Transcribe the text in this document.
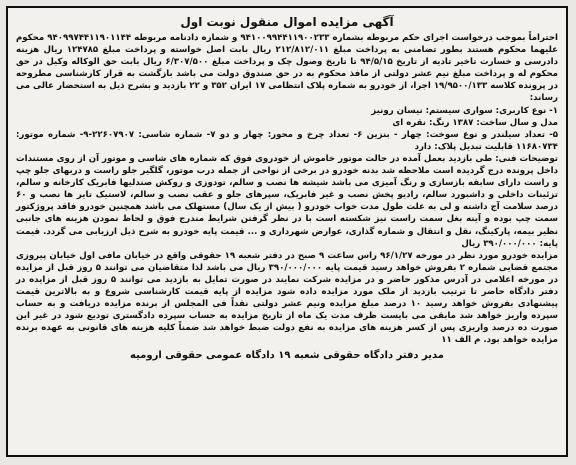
آگهی مزایده اموال منقول نوبت اول

احتراماً بموجب درخواست اجرای حکم مربوطه بشماره ۹۴۱۰۰۹۹۴۴۱۱۹۰۰۲۳۳ و شماره دادنامه مربوطه ۹۴۰۹۹۷۴۴۱۱۹۰۱۱۴۴ محکوم علیهما محکوم هستند بطور تضامنی به پرداخت مبلغ ۲۱۲/۸۱۲/۰۱۱ ریال بابت اصل خواسته و پرداخت مبلغ ۱۲۴۷۸۵ ریال هزینه دادرسی و خسارت تاخیر تادیه از تاریخ ۹۴/۵/۱۵ تا تاریخ وصول چک و پرداخت مبلغ ۶/۳۰۷/۵۰۰ ریال بابت حق الوکاله وکیل در حق محکوم له و پرداخت مبلغ نیم عشر دولتی از مافذ محکوم به در حق صندوق دولت می باشد بازگشت به قرار کارشناسی مطروحه در پرونده کلاسه ۱۹/۹۵۰۰/۱۳۳ اجرا، از خودرو به شماره پلاک انتظامی ۱۷ ایران ۳۵۲ و ۲۲ بازدید و بشرح ذیل به استحضار عالی می رساند:

۱- نوع کاربری: سواری سیستم: نیسان رونیز

مدل و سال ساخت: ۱۳۸۷ رنگ: نقره ای

۵- تعداد سیلندر و نوع سوخت: چهار - بنزین ۶- تعداد چرخ و محور: چهار و دو ۷- شماره شاسی: ۲۲۶۰۷۹۰۷-۹- شماره موتور: ۱۱۶۸۰۷۳۴ قابلیت تبدیل پلاک: دارد

توضیحات فنی: طی بازدید بعمل آمده در حالت موتور خاموش از خودروی فوق که شماره های شاسی و موتور آن از روی مستندات داخل پرونده درج گردیده است ملاحظه شد بدنه خودرو در برخی از نواحی از جمله درب موتور، گلگیر جلو راست و دربهای جلو چپ و راست دارای سابقه بازسازی و رنگ آمیزی می باشد شیشه ها نصب و سالم، تودوزی و روکش صندلیها فابریک کارخانه و سالم، تزئینات داخلی و داشبورد سالم، رادیو پخش نصب و غیر فابریک، سپرهای جلو و عقب نصب و سالم، لاستیک تایر ها نصب و ۶۰ درصد سلامت آج داشته و لی به علت طول مدت خواب خودرو ( بیش از یک سال) مستهلک می باشد همچنین خودرو فاقد پروژکتور سمت چپ بوده و آینه بغل سمت راست نیز شکسته است با در نظر گرفتن شرایط مندرج فوق و لحاظ نمودن هزینه های جانبی نظیر بیمه، پارکینگ، نقل و انتقال و شماره گذاری، عوارض شهرداری و ... قیمت پایه خودرو به شرح ذیل ارزیابی می گردد. قیمت پایه: ۳۹۰/۰۰۰/۰۰۰ ریال

مزایده خودرو مورد نظر در مورخه ۹۶/۱/۲۷ راس ساعت ۹ صبح در دفتر شعبه ۱۹ حقوقی واقع در خیابان مافی اول خیابان پیروزی مجتمع قضایی شماره ۲ بفروش خواهد رسید قیمت پایه ۳۹۰/۰۰۰/۰۰۰ ریال می باشد لذا متقاضیان می توانند ۵ روز قبل از مزایده در مورخه اعلامی در آدرس مذکور حاضر و در مزایده شرکت نمایند در صورت تمایل به بازدید می توانند ۵ روز قبل از مزایده در دفتر دادگاه حاضر تا ترتیب بازدید از ملک مورد مزایده داده شود مزایده از پایه قیمت کارشناسی شروع و به بالاترین قیمت پیشنهادی بفروش خواهد رسید ۱۰ درصد مبلغ مزایده ونیم عشر دولتی نقداً فی المجلس از برنده مزایده دریافت و به حساب سپرده واریز خواهد شد مابقی می بایست ظرف مدت یک ماه از تاریخ مزایده به حساب سپرده دادگستری تودیع شود در غیر این صورت ده درصد واریزی پس از کسر هزینه های مزایده به نفع دولت ضبط خواهد شد ضمناً کلیه هزینه های قانونی به عهده برنده مزایده خواهد بود. م الف ۱۱

مدیر دفتر دادگاه حقوقی شعبه ۱۹ دادگاه عمومی حقوقی ارومیه
